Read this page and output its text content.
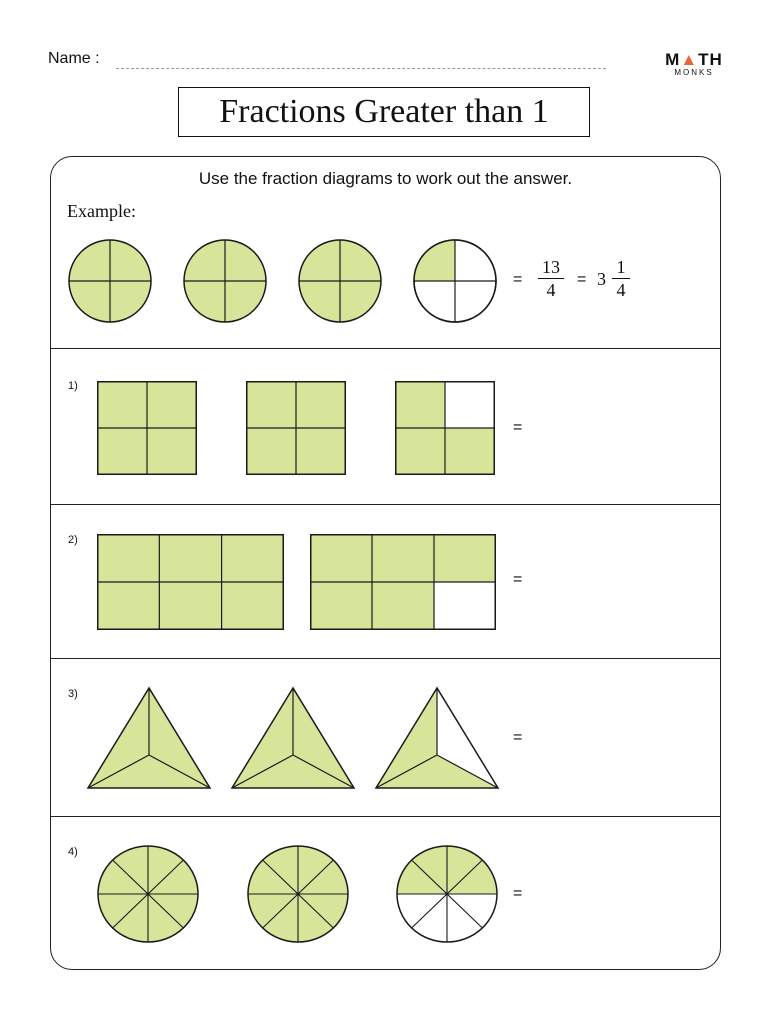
Name :	M▲TH
MONKS
Fractions Greater than 1
Use the fraction diagrams to work out the answer.
Example:
=
13
4
= 3
1
4
1)
=
2)
=
3)
=
4)
=
